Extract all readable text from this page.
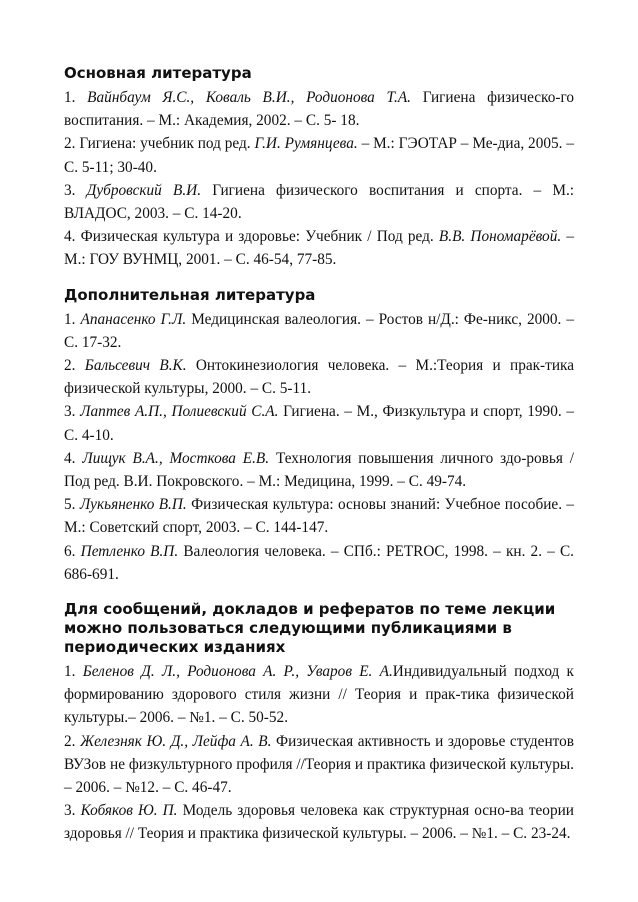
Основная литература

1. Вайнбаум Я.С., Коваль В.И., Родионова Т.А. Гигиена физическо-го воспитания. – М.: Академия, 2002. – С. 5- 18.

2. Гигиена: учебник под ред. Г.И. Румянцева. – М.: ГЭОТАР – Ме-диа, 2005. – С. 5-11; 30-40.

3. Дубровский В.И. Гигиена физического воспитания и спорта. – М.: ВЛАДОС, 2003. – С. 14-20.

4. Физическая культура и здоровье: Учебник / Под ред. В.В. Пономарёвой. – М.: ГОУ ВУНМЦ, 2001. – С. 46-54, 77-85.

Дополнительная литература

1. Апанасенко Г.Л. Медицинская валеология. – Ростов н/Д.: Фе-никс, 2000. – С. 17-32.

2. Бальсевич В.К. Онтокинезиология человека. – М.:Теория и прак-тика физической культуры, 2000. – С. 5-11.

3. Лаптев А.П., Полиевский С.А. Гигиена. – М., Физкультура и спорт, 1990. – С. 4-10.

4. Лищук В.А., Мосткова Е.В. Технология повышения личного здо-ровья / Под ред. В.И. Покровского. – М.: Медицина, 1999. – С. 49-74.

5. Лукьяненко В.П. Физическая культура: основы знаний: Учебное пособие. – М.: Советский спорт, 2003. – С. 144-147.

6. Петленко В.П. Валеология человека. – СПб.: PETROC, 1998. – кн. 2. – С. 686-691.

Для сообщений, докладов и рефератов по теме лекции можно пользоваться следующими публикациями в периодических изданиях

1. Беленов Д. Л., Родионова А. Р., Уваров Е. А.Индивидуальный подход к формированию здорового стиля жизни // Теория и прак-тика физической культуры.– 2006. – №1. – С. 50-52.

2. Железняк Ю. Д., Лейфа А. В. Физическая активность и здоровье студентов ВУЗов не физкультурного профиля //Теория и практика физической культуры. – 2006. – №12. – С. 46-47.

3. Кобяков Ю. П. Модель здоровья человека как структурная осно-ва теории здоровья // Теория и практика физической культуры. – 2006. – №1. – С. 23-24.
